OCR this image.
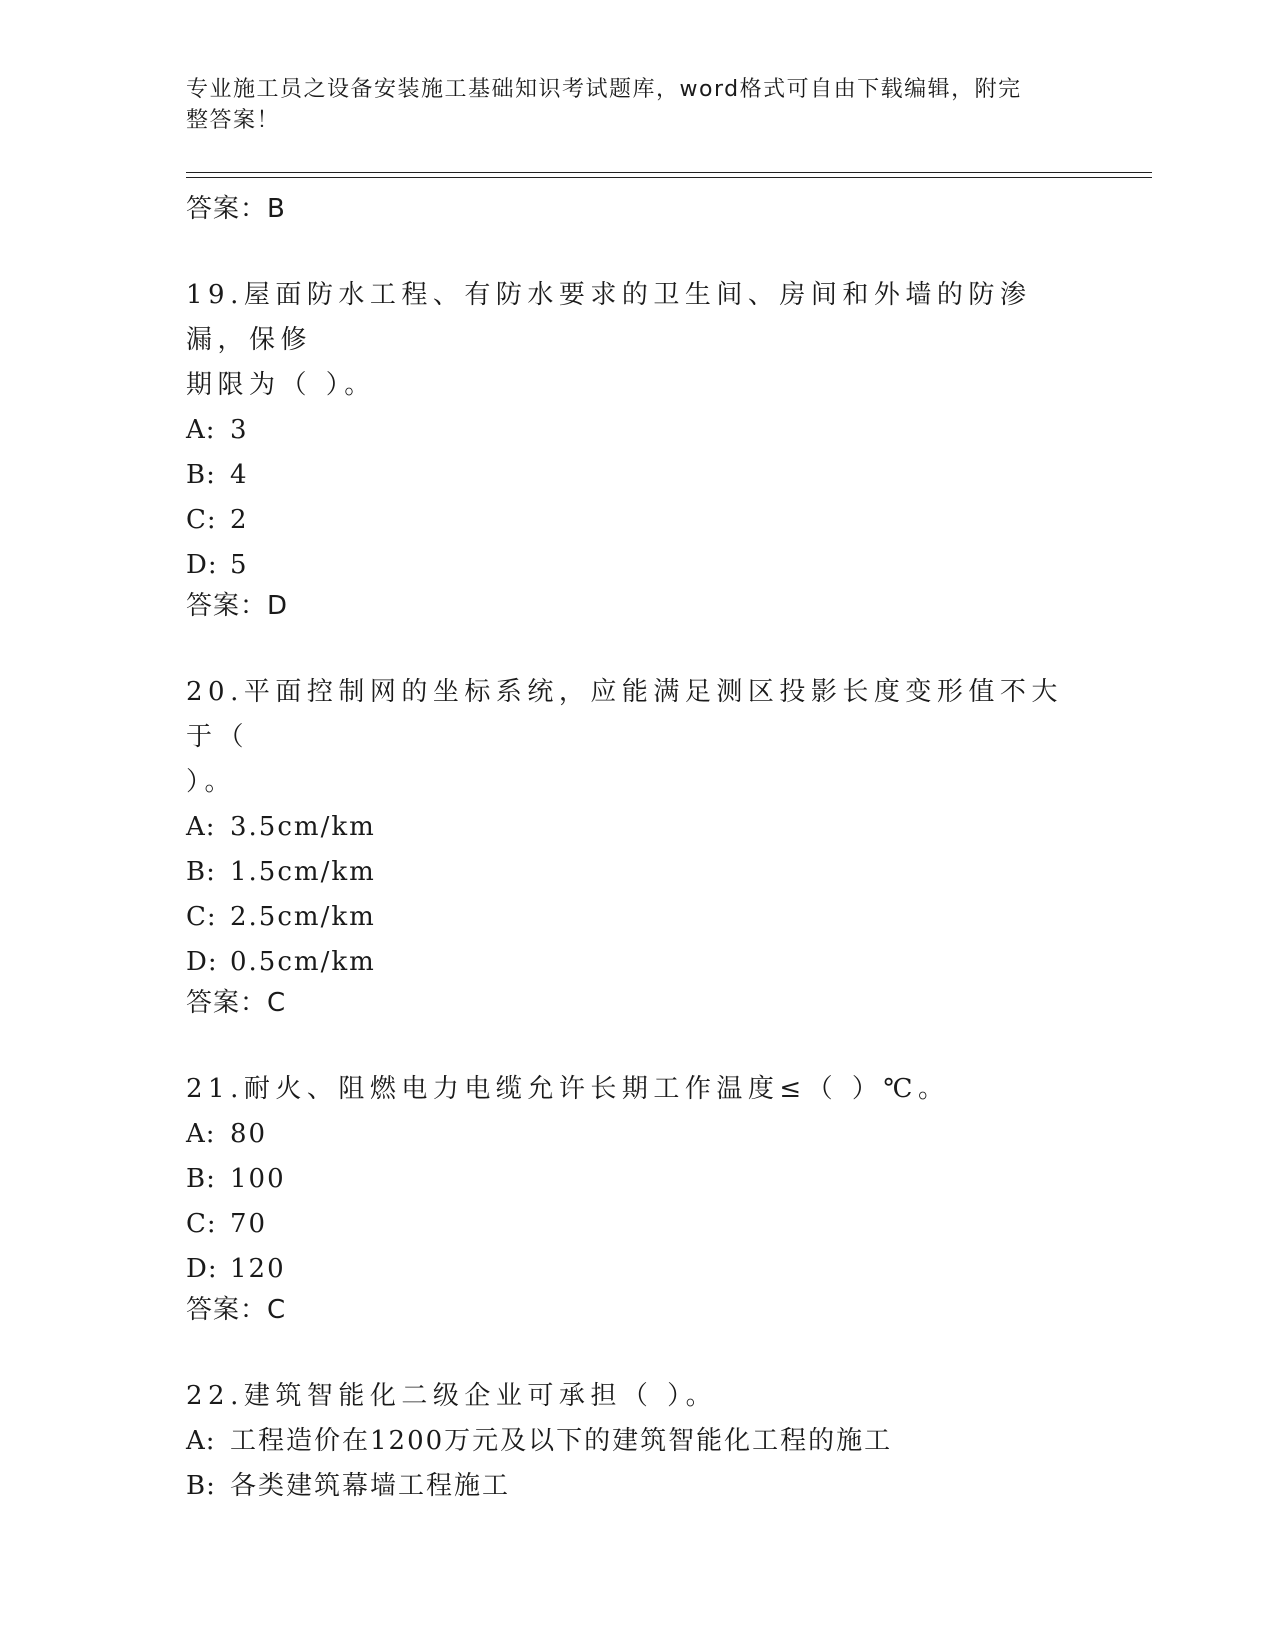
专业施工员之设备安装施工基础知识考试题库，word格式可自由下载编辑，附完
整答案！
答案：B

19.屋面防水工程、有防水要求的卫生间、房间和外墙的防渗漏，保修
期限为（ ）。

A: 3
B: 4
C: 2
D: 5
答案：D

20.平面控制网的坐标系统，应能满足测区投影长度变形值不大于（
）。

A: 3.5cm/km
B: 1.5cm/km
C: 2.5cm/km
D: 0.5cm/km
答案：C

21.耐火、阻燃电力电缆允许长期工作温度≤（ ）℃。

A: 80
B: 100
C: 70
D: 120
答案：C

22.建筑智能化二级企业可承担（ ）。

A: 工程造价在1200万元及以下的建筑智能化工程的施工
B: 各类建筑幕墙工程施工
